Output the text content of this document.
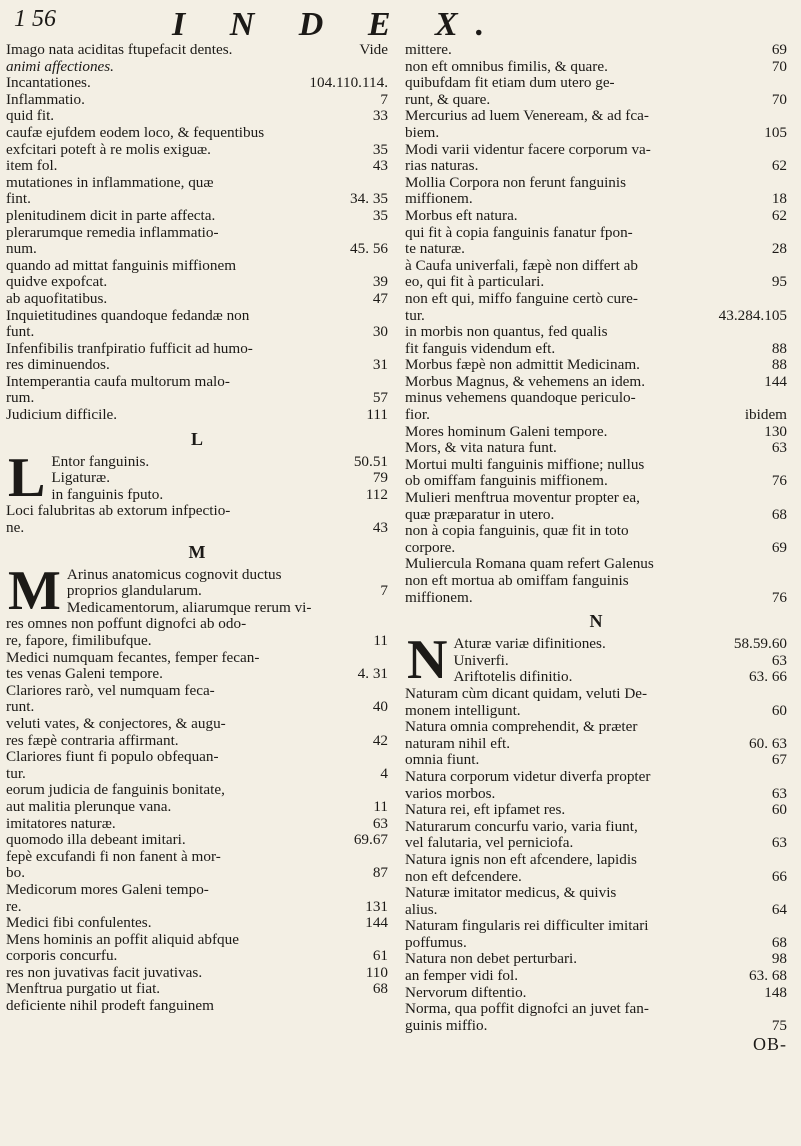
1 56	I N D E X.
Imago nata aciditas ftupefacit dentes.	Vide
animi affectiones.
Incantationes.	104.110.114.
Inflammatio.	7
quid fit.	33
caufæ ejufdem eodem loco, & fequentibus
exfcitari poteft à re molis exiguæ.	35
item fol.	43
mutationes in inflammatione, quæ
fint.	34. 35
plenitudinem dicit in parte affecta.	35
plerarumque remedia inflammatio-
num.	45. 56
quando ad mittat fanguinis miffionem
quidve expofcat.	39
ab aquofitatibus.	47
Inquietitudines quandoque fedandæ non
funt.	30
Infenfibilis tranfpiratio fufficit ad humo-
res diminuendos.	31
Intemperantia caufa multorum malo-
rum.	57
Judicium difficile.	111
L
L Entor fanguinis.	50.51
Ligaturæ.	79
in fanguinis fputo.	112
Loci falubritas ab extorum infpectio-
ne.	43
M
M Arinus anatomicus cognovit ductus
proprios glandularum.	7
Medicamentorum, aliarumque rerum vi-
res omnes non poffunt dignofci ab odo-
re, fapore, fimilibufque.	11
Medici numquam fecantes, femper fecan-
tes venas Galeni tempore.	4. 31
Clariores rarò, vel numquam feca-
runt.	40
veluti vates, & conjectores, & augu-
res fæpè contraria affirmant.	42
Clariores fiunt fi populo obfequan-
tur.	4
eorum judicia de fanguinis bonitate,
aut malitia plerunque vana.	11
imitatores naturæ.	63
quomodo illa debeant imitari.	69.67
fepè excufandi fi non fanent à mor-
bo.	87
Medicorum mores Galeni tempo-
re.	131
Medici fibi confulentes.	144
Mens hominis an poffit aliquid abfque
corporis concurfu.	61
res non juvativas facit juvativas.	110
Menftrua purgatio ut fiat.	68
deficiente nihil prodeft fanguinem
mittere.	69
non eft omnibus fimilis, & quare.	70
quibufdam fit etiam dum utero ge-
runt, & quare.	70
Mercurius ad luem Veneream, & ad fca-
biem.	105
Modi varii videntur facere corporum va-
rias naturas.	62
Mollia Corpora non ferunt fanguinis
miffionem.	18
Morbus eft natura.	62
qui fit à copia fanguinis fanatur fpon-
te naturæ.	28
à Caufa univerfali, fæpè non differt ab
eo, qui fit à particulari.	95
non eft qui, miffo fanguine certò cure-
tur.	43.284.105
in morbis non quantus, fed qualis
fit fanguis videndum eft.	88
Morbus fæpè non admittit Medicinam.	88
Morbus Magnus, & vehemens an idem.	144
minus vehemens quandoque periculo-
fior.	ibidem
Mores hominum Galeni tempore.	130
Mors, & vita natura funt.	63
Mortui multi fanguinis miffione; nullus
ob omiffam fanguinis miffionem.	76
Mulieri menftrua moventur propter ea,
quæ præparatur in utero.	68
non à copia fanguinis, quæ fit in toto
corpore.	69
Muliercula Romana quam refert Galenus
non eft mortua ab omiffam fanguinis
miffionem.	76
N
N Aturæ variæ difinitiones.	58.59.60
Univerfi.	63
Ariftotelis difinitio.	63. 66
Naturam cùm dicant quidam, veluti De-
monem intelligunt.	60
Natura omnia comprehendit, & præter
naturam nihil eft.	60. 63
omnia fiunt.	67
Natura corporum videtur diverfa propter
varios morbos.	63
Natura rei, eft ipfamet res.	60
Naturarum concurfu vario, varia fiunt,
vel falutaria, vel perniciofa.	63
Natura ignis non eft afcendere, lapidis
non eft defcendere.	66
Naturæ imitator medicus, & quivis
alius.	64
Naturam fingularis rei difficulter imitari
poffumus.	68
Natura non debet perturbari.	98
an femper vidi fol.	63. 68
Nervorum diftentio.	148
Norma, qua poffit dignofci an juvet fan-
guinis miffio.	75
OB-
